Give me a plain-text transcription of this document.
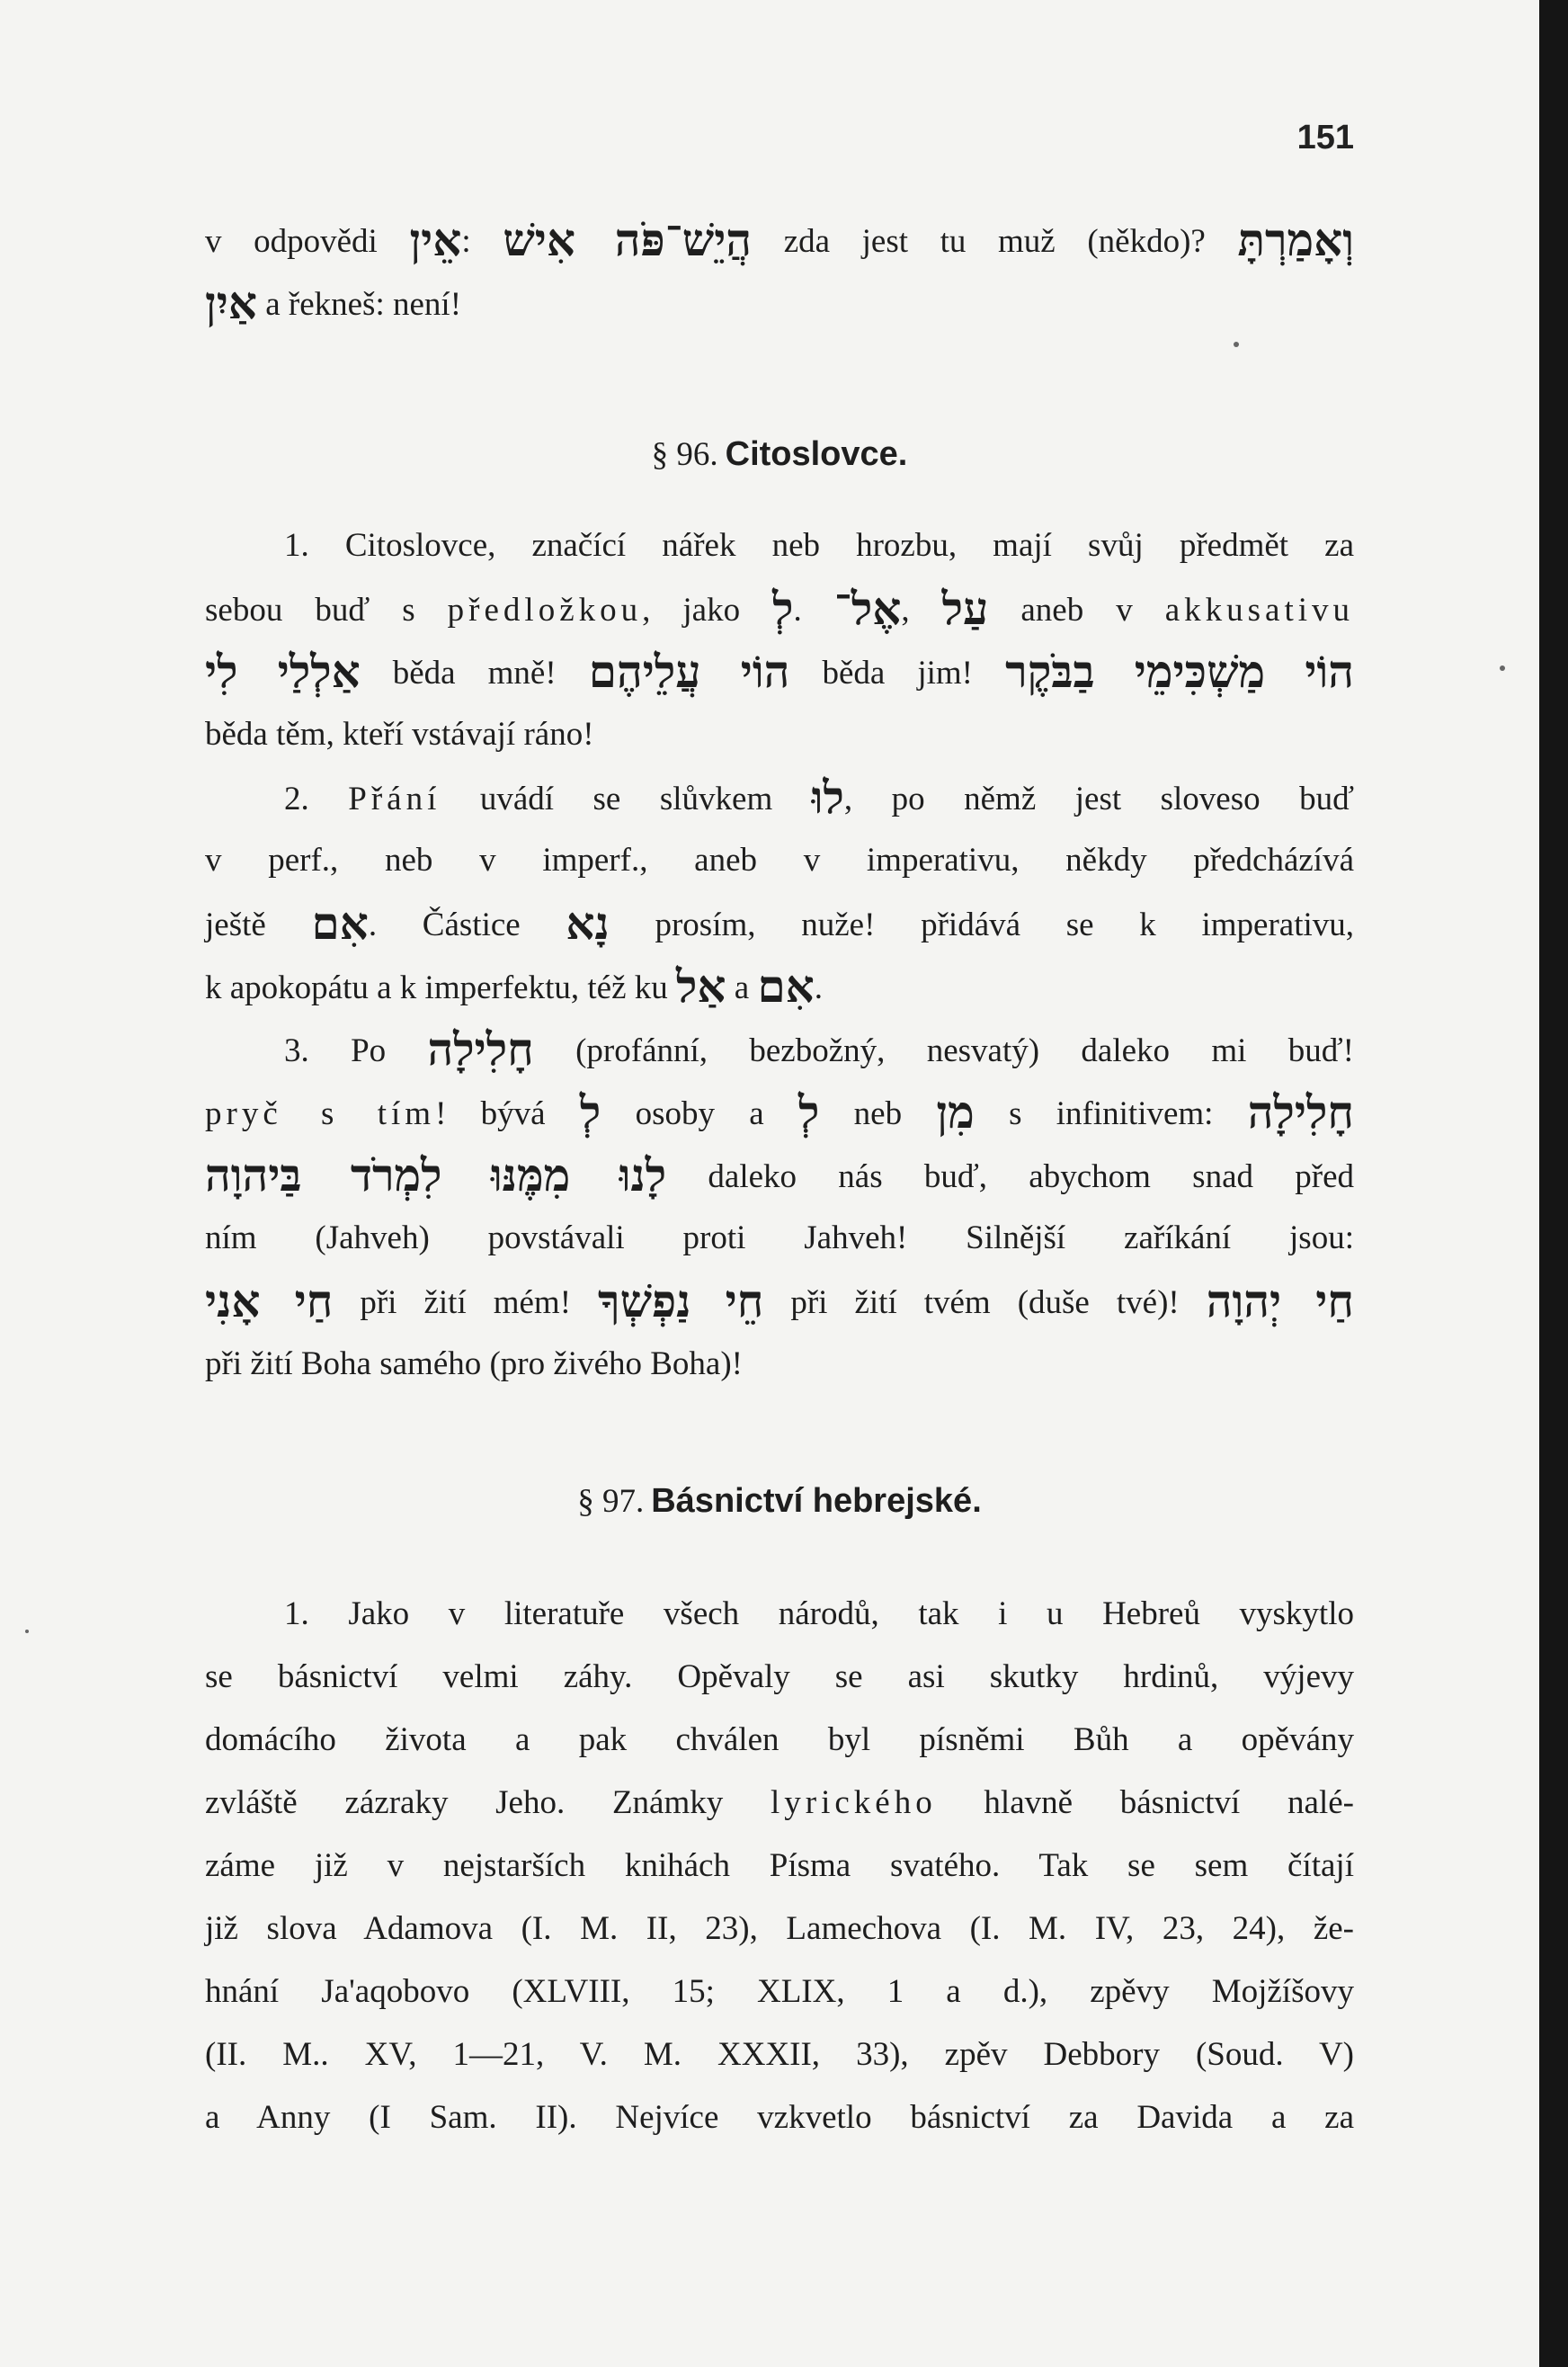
151
v odpovědi אֵין: הֲיֵשׁ־פֹּה אִישׁ zda jest tu muž (někdo)? וְאָמַרְתָּ
אַיִן a řekneš: není!
§ 96. Citoslovce.
1. Citoslovce, značící nářek neb hrozbu, mají svůj předmět za
sebou buď s předložkou, jako לְ. אֶל־, עַל aneb v akkusativu
אַלְלַי לִי běda mně! הוֹי עֲלֵיהֶם běda jim! הוֹי מַשְׁכִּימֵי בַבֹּקֶר
běda těm, kteří vstávají ráno!
2. Přání uvádí se slůvkem לוּ, po němž jest sloveso buď
v perf., neb v imperf., aneb v imperativu, někdy předcházívá
ještě אִם. Částice נָא prosím, nuže! přidává se k imperativu,
k apokopátu a k imperfektu, též ku אַל a אִם.
3. Po חָלִילָה (profánní, bezbožný, nesvatý) daleko mi buď!
pryč s tím! bývá לְ osoby a לְ neb מִן s infinitivem: חָלִילָה
לָנוּ מִמֶּנּוּ לִמְרֹד בַּיהוָה daleko nás buď, abychom snad před
ním (Jahveh) povstávali proti Jahveh! Silnější zaříkání jsou:
חַי אָנִי při žití mém! חֵי נַפְשְׁךָ při žití tvém (duše tvé)! חַי יְהוָה
při žití Boha samého (pro živého Boha)!
§ 97. Básnictví hebrejské.
1. Jako v literatuře všech národů, tak i u Hebreů vyskytlo
se básnictví velmi záhy. Opěvaly se asi skutky hrdinů, výjevy
domácího života a pak chválen byl písněmi Bůh a opěvány
zvláště zázraky Jeho. Známky lyrického hlavně básnictví nalé-
záme již v nejstarších knihách Písma svatého. Tak se sem čítají
již slova Adamova (I. M. II, 23), Lamechova (I. M. IV, 23, 24), že-
hnání Ja'aqobovo (XLVIII, 15; XLIX, 1 a d.), zpěvy Mojžíšovy
(II. M.. XV, 1—21, V. M. XXXII, 33), zpěv Debbory (Soud. V)
a Anny (I Sam. II). Nejvíce vzkvetlo básnictví za Davida a za
